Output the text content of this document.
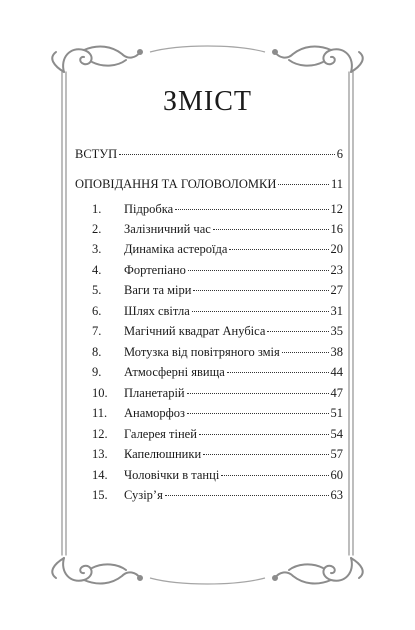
ЗМІСТ
ВСТУП	6
ОПОВІДАННЯ ТА ГОЛОВОЛОМКИ	11
1.	Підробка	12
2.	Залізничний час	16
3.	Динаміка астероїда	20
4.	Фортепіано	23
5.	Ваги та міри	27
6.	Шлях світла	31
7.	Магічний квадрат Анубіса	35
8.	Мотузка від повітряного змія	38
9.	Атмосферні явища	44
10.	Планетарій	47
11.	Анаморфоз	51
12.	Галерея тіней	54
13.	Капелюшники	57
14.	Чоловічки в танці	60
15.	Сузір’я	63
